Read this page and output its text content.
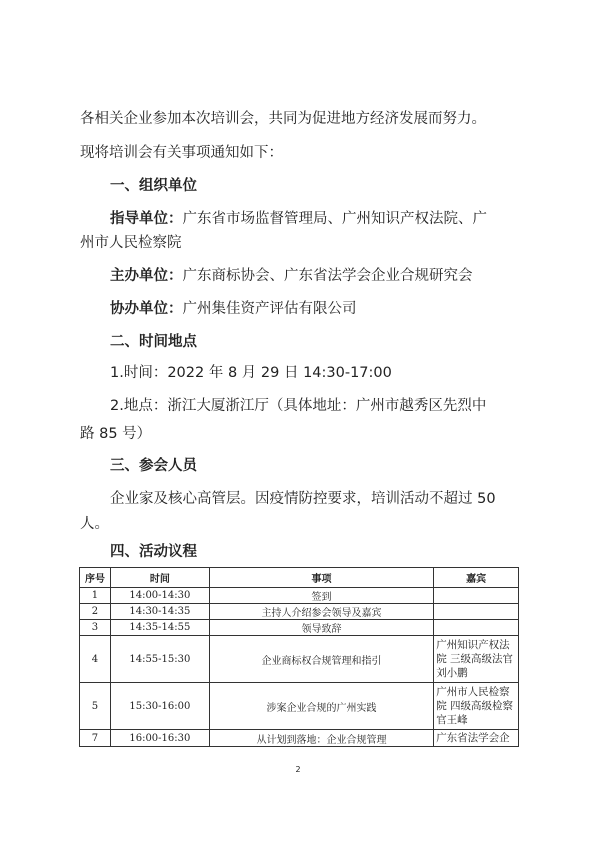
各相关企业参加本次培训会，共同为促进地方经济发展而努力。
现将培训会有关事项通知如下：
一、组织单位
指导单位：广东省市场监督管理局、广州知识产权法院、广
州市人民检察院
主办单位：广东商标协会、广东省法学会企业合规研究会
协办单位：广州集佳资产评估有限公司
二、时间地点
1.时间：2022 年 8 月 29 日 14:30-17:00
2.地点：浙江大厦浙江厅（具体地址：广州市越秀区先烈中
路 85 号）
三、参会人员
企业家及核心高管层。因疫情防控要求，培训活动不超过 50
人。
四、活动议程
序号	时间	事项	嘉宾
1	14:00-14:30	签到	
2	14:30-14:35	主持人介绍参会领导及嘉宾	
3	14:35-14:55	领导致辞	
4	14:55-15:30	企业商标权合规管理和指引	广州知识产权法院 三级高级法官刘小鹏
5	15:30-16:00	涉案企业合规的广州实践	广州市人民检察院 四级高级检察官王峰
7	16:00-16:30	从计划到落地：企业合规管理	广东省法学会企
2
